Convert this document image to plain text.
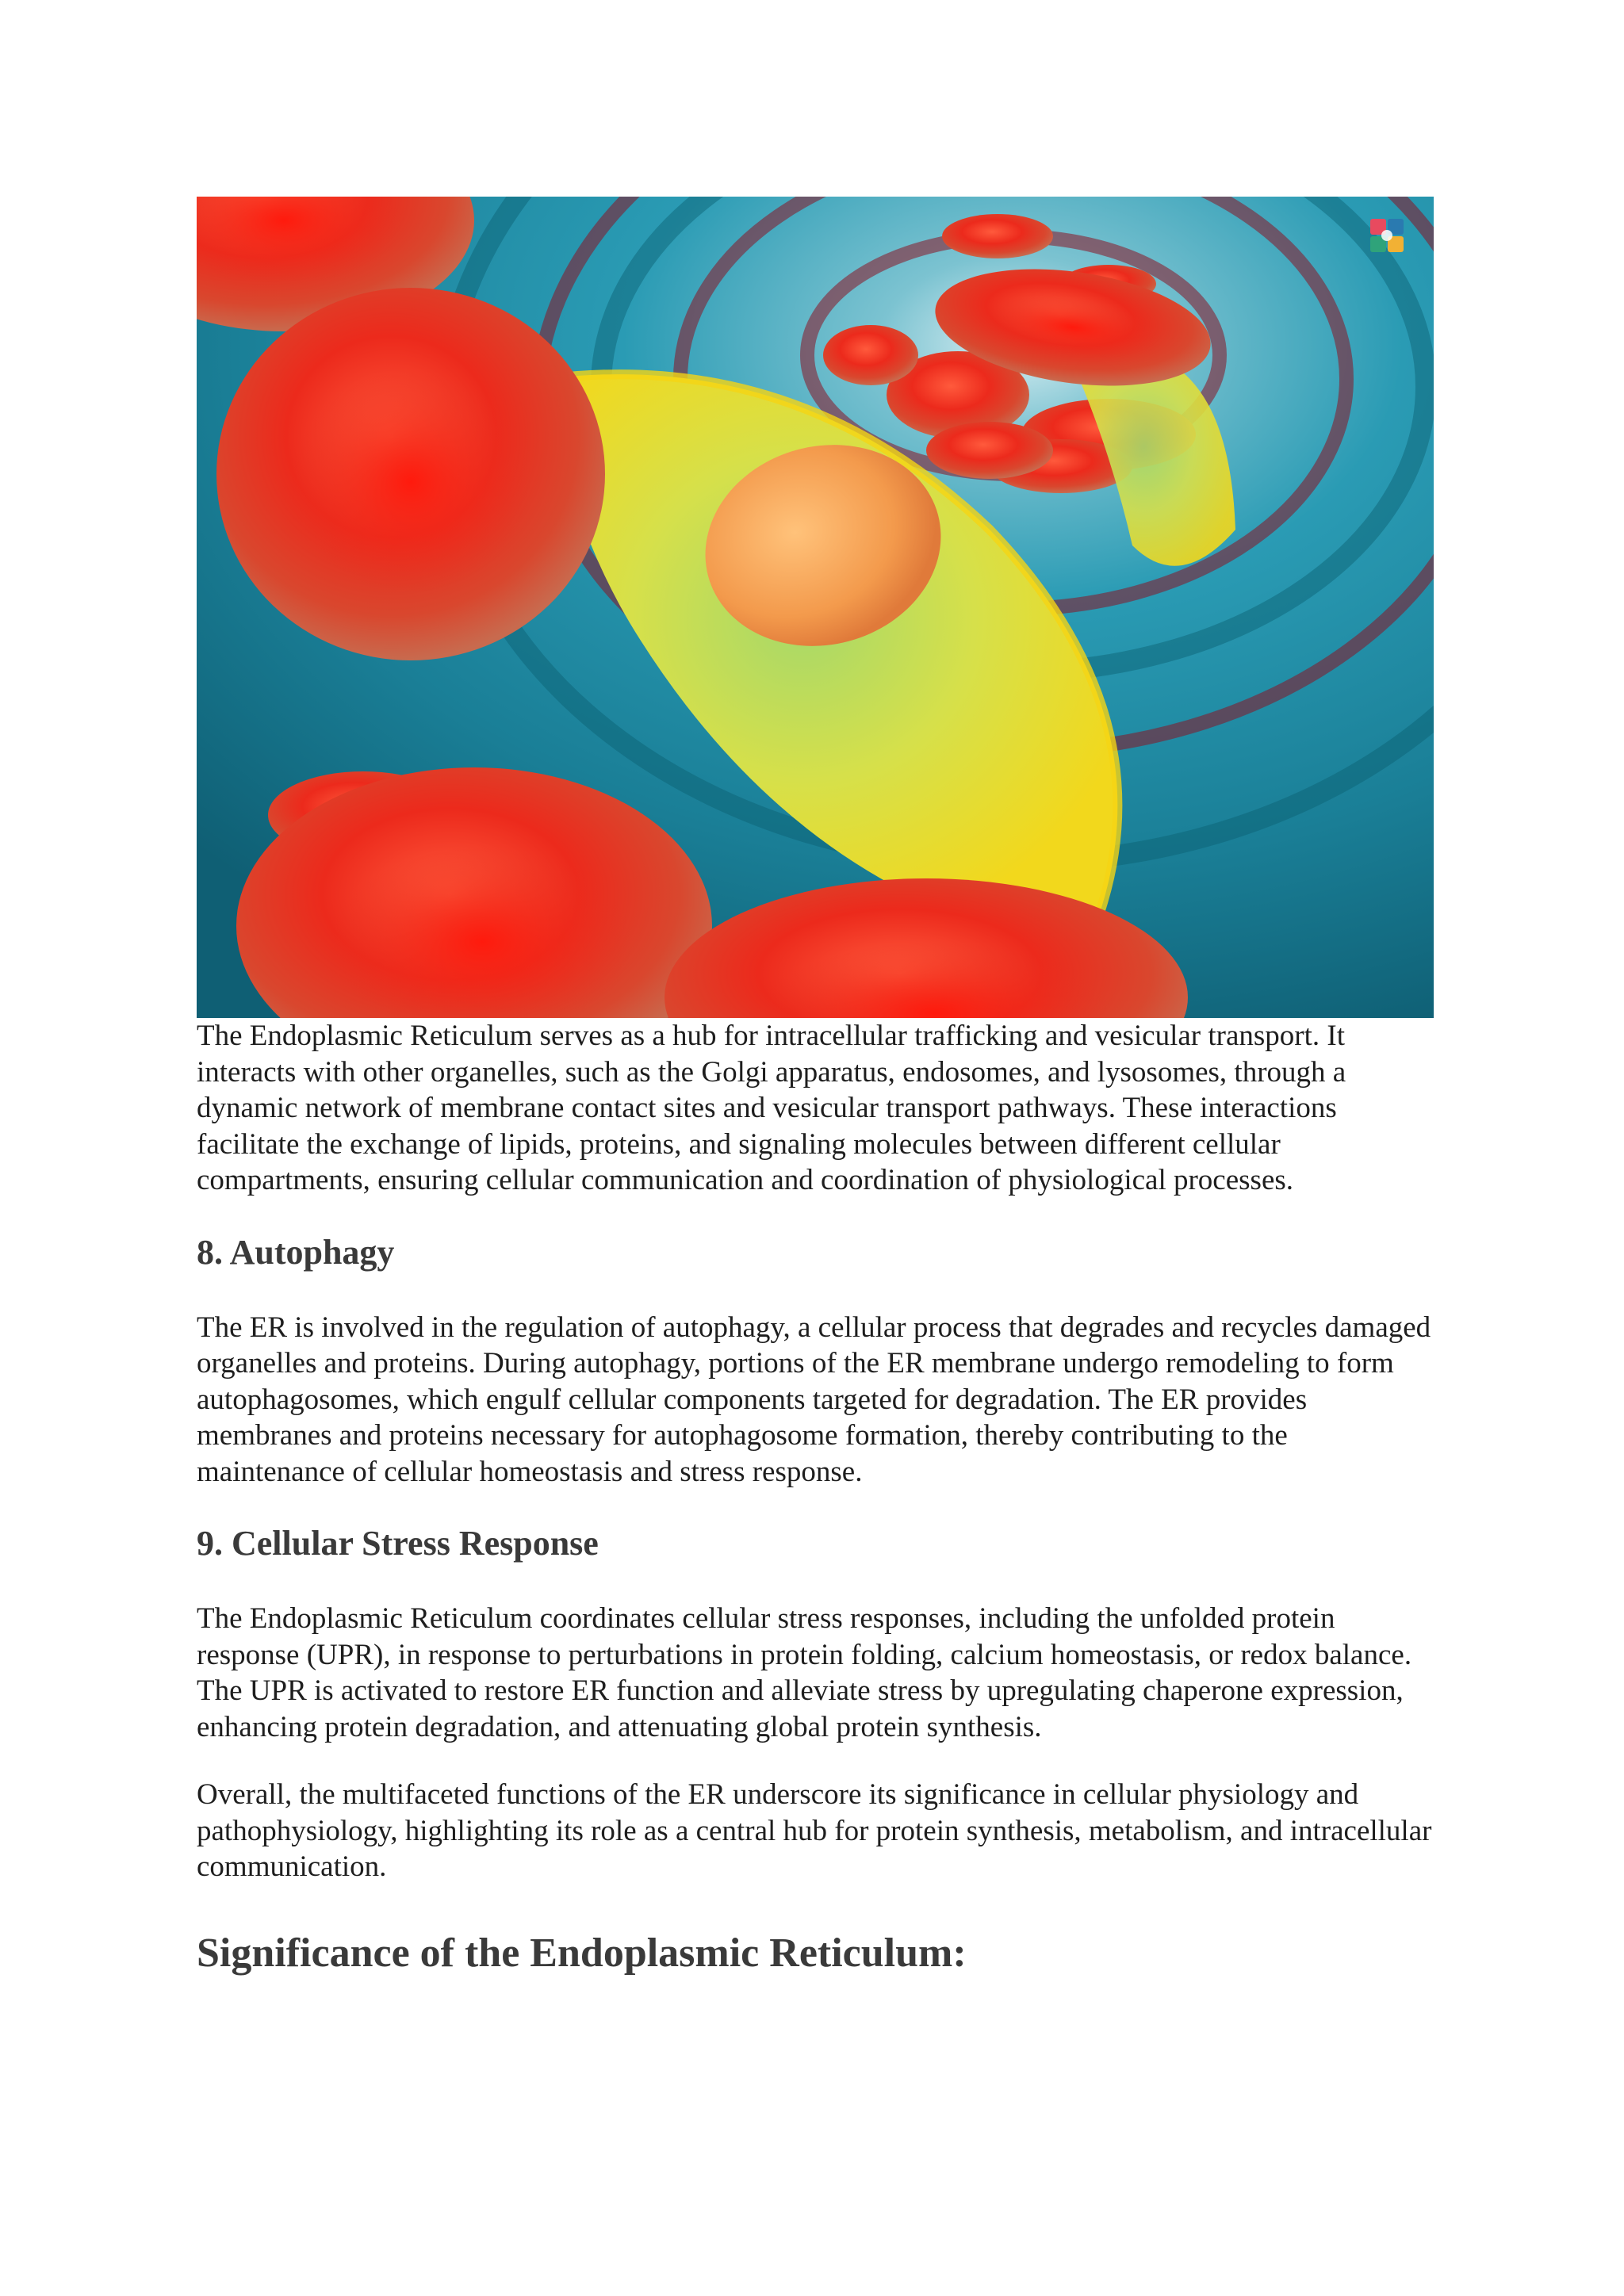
The Endoplasmic Reticulum serves as a hub for intracellular trafficking and vesicular transport. It interacts with other organelles, such as the Golgi apparatus, endosomes, and lysosomes, through a dynamic network of membrane contact sites and vesicular transport pathways. These interactions facilitate the exchange of lipids, proteins, and signaling molecules between different cellular compartments, ensuring cellular communication and coordination of physiological processes.

8. Autophagy

The ER is involved in the regulation of autophagy, a cellular process that degrades and recycles damaged organelles and proteins. During autophagy, portions of the ER membrane undergo remodeling to form autophagosomes, which engulf cellular components targeted for degradation. The ER provides membranes and proteins necessary for autophagosome formation, thereby contributing to the maintenance of cellular homeostasis and stress response.

9. Cellular Stress Response

The Endoplasmic Reticulum coordinates cellular stress responses, including the unfolded protein response (UPR), in response to perturbations in protein folding, calcium homeostasis, or redox balance. The UPR is activated to restore ER function and alleviate stress by upregulating chaperone expression, enhancing protein degradation, and attenuating global protein synthesis.

Overall, the multifaceted functions of the ER underscore its significance in cellular physiology and pathophysiology, highlighting its role as a central hub for protein synthesis, metabolism, and intracellular communication.

Significance of the Endoplasmic Reticulum:
